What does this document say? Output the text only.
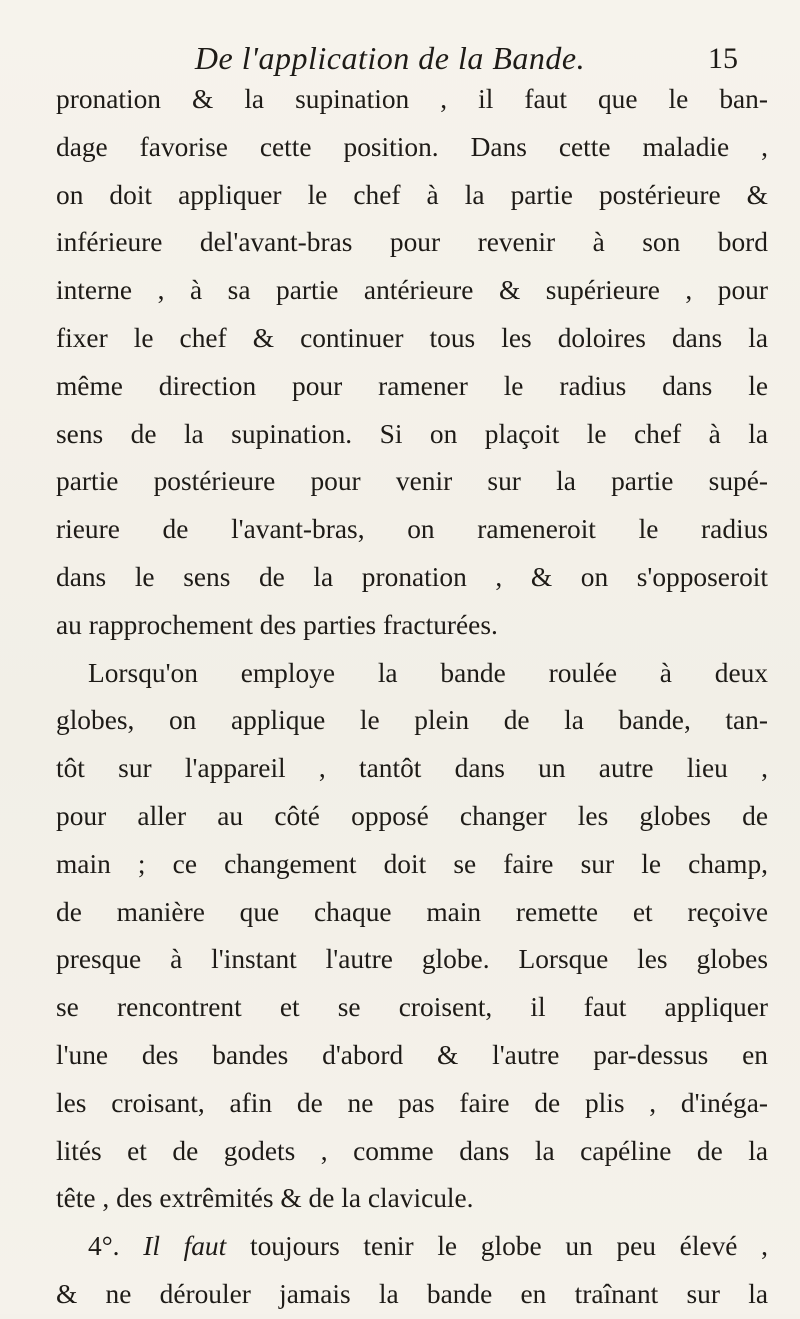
De l'application de la Bande.	15
pronation & la supination , il faut que le ban-
dage favorise cette position. Dans cette maladie ,
on doit appliquer le chef à la partie postérieure &
inférieure del'avant-bras pour revenir à son bord
interne , à sa partie antérieure & supérieure , pour
fixer le chef & continuer tous les doloires dans la
même direction pour ramener le radius dans le
sens de la supination. Si on plaçoit le chef à la
partie postérieure pour venir sur la partie supé-
rieure de l'avant-bras, on rameneroit le radius
dans le sens de la pronation , & on s'opposeroit
au rapprochement des parties fracturées.
Lorsqu'on employe la bande roulée à deux
globes, on applique le plein de la bande, tan-
tôt sur l'appareil , tantôt dans un autre lieu ,
pour aller au côté opposé changer les globes de
main ; ce changement doit se faire sur le champ,
de manière que chaque main remette et reçoive
presque à l'instant l'autre globe. Lorsque les globes
se rencontrent et se croisent, il faut appliquer
l'une des bandes d'abord & l'autre par-dessus en
les croisant, afin de ne pas faire de plis , d'inéga-
lités et de godets , comme dans la capéline de la
tête , des extrêmités & de la clavicule.
4°. Il faut toujours tenir le globe un peu élevé ,
& ne dérouler jamais la bande en traînant sur la
